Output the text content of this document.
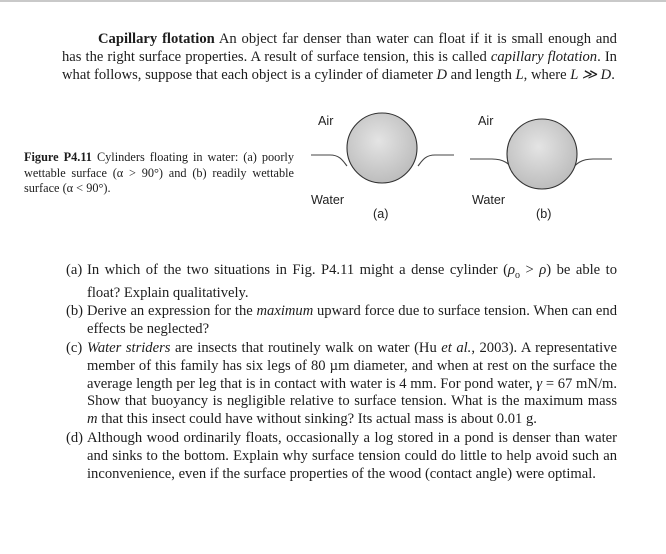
Capillary flotation An object far denser than water can float if it is small enough and has the right surface properties. A result of surface tension, this is called capillary flotation. In what follows, suppose that each object is a cylinder of diameter D and length L, where L ≫ D.

Figure P4.11 Cylinders floating in water: (a) poorly wettable surface (α > 90°) and (b) readily wettable surface (α < 90°).
Air
Water
(a)
Air
Water
(b)
(a) In which of the two situations in Fig. P4.11 might a dense cylinder $(\rho_o > \rho)$ be able to float? Explain qualitatively.
(b) Derive an expression for the maximum upward force due to surface tension. When can end effects be neglected?
(c) Water striders are insects that routinely walk on water (Hu et al., 2003). A representative member of this family has six legs of 80 µm diameter, and when at rest on the surface the average length per leg that is in contact with water is 4 mm. For pond water, γ = 67 mN/m. Show that buoyancy is negligible relative to surface tension. What is the maximum mass m that this insect could have without sinking? Its actual mass is about 0.01 g.
(d) Although wood ordinarily floats, occasionally a log stored in a pond is denser than water and sinks to the bottom. Explain why surface tension could do little to help avoid such an inconvenience, even if the surface properties of the wood (contact angle) were optimal.
